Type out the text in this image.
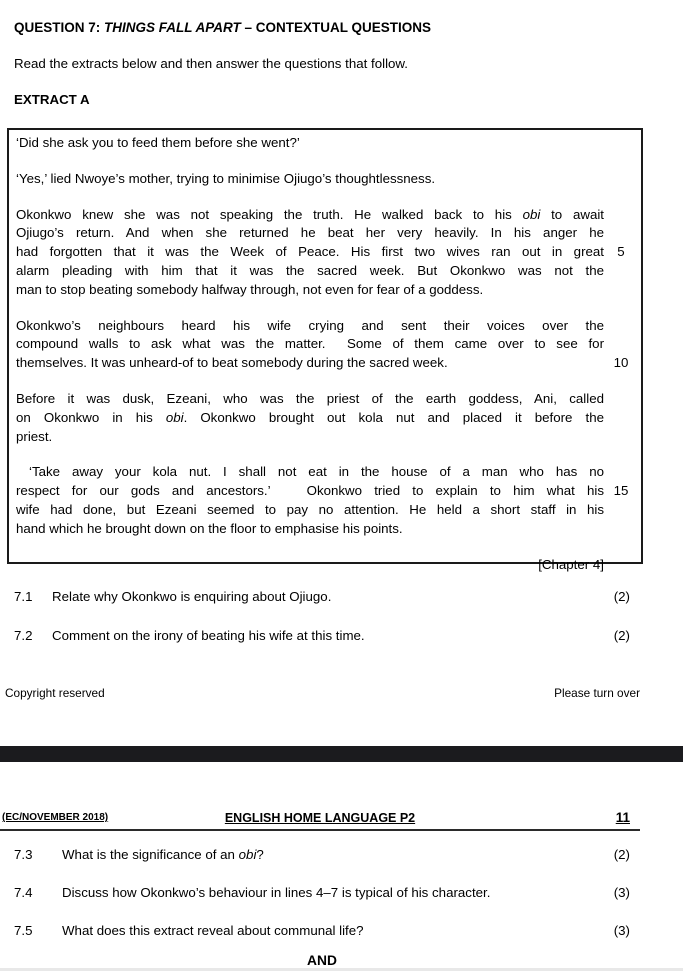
QUESTION 7: THINGS FALL APART – CONTEXTUAL QUESTIONS
Read the extracts below and then answer the questions that follow.
EXTRACT A
‘Did she ask you to feed them before she went?’
‘Yes,’ lied Nwoye’s mother, trying to minimise Ojiugo’s thoughtlessness.
Okonkwo knew she was not speaking the truth. He walked back to his obi to await
Ojiugo’s return. And when she returned he beat her very heavily. In his anger he
had forgotten that it was the Week of Peace. His first two wives ran out in great 5
alarm pleading with him that it was the sacred week. But Okonkwo was not the
man to stop beating somebody halfway through, not even for fear of a goddess.
Okonkwo’s neighbours heard his wife crying and sent their voices over the
compound walls to ask what was the matter.  Some of them came over to see for
themselves. It was unheard-of to beat somebody during the sacred week.	10
Before it was dusk, Ezeani, who was the priest of the earth goddess, Ani, called
on Okonkwo in his obi. Okonkwo brought out kola nut and placed it before the
priest.
‘Take away your kola nut. I shall not eat in the house of a man who has no
respect for our gods and ancestors.’   Okonkwo tried to explain to him what his 15
wife had done, but Ezeani seemed to pay no attention. He held a short staff in his
hand which he brought down on the floor to emphasise his points.
[Chapter 4]
7.1	Relate why Okonkwo is enquiring about Ojiugo.	(2)
7.2	Comment on the irony of beating his wife at this time.	(2)
Copyright reserved	Please turn over
(EC/NOVEMBER 2018)	ENGLISH HOME LANGUAGE P2	11
7.3	What is the significance of an obi?	(2)
7.4	Discuss how Okonkwo’s behaviour in lines 4–7 is typical of his character.	(3)
7.5	What does this extract reveal about communal life?	(3)
AND
